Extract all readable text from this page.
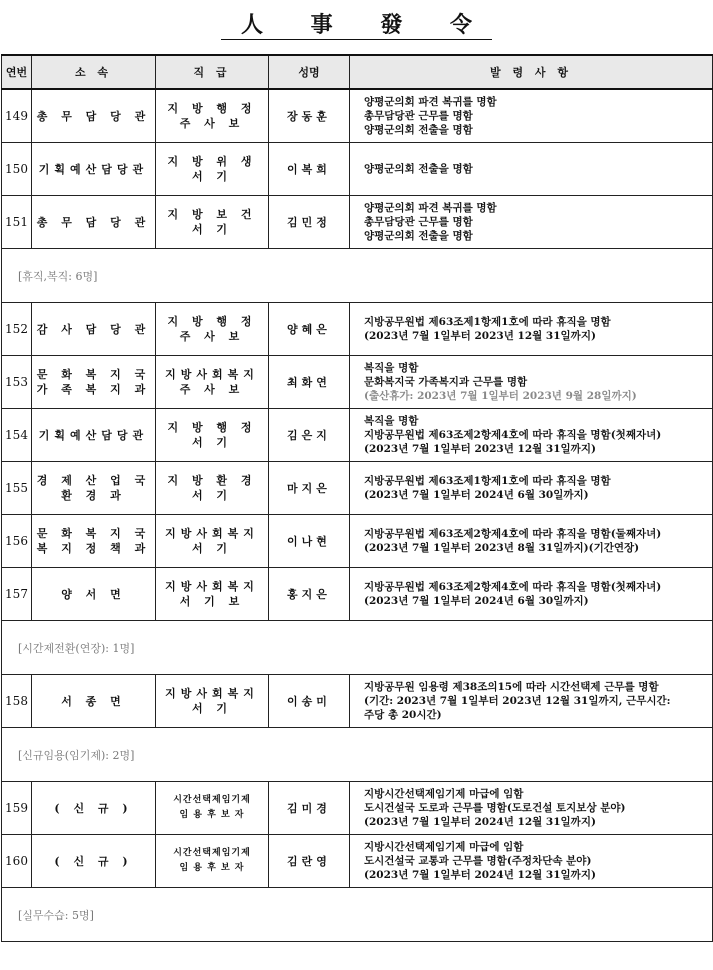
人 事 發 令
연번	소 속	직 급	성명	발 령 사 항
149	총 무 담 당 관	지 방 행 정
주 사 보	장동훈	양평군의회 파견 복귀를 명함
총무담당관 근무를 명함
양평군의회 전출을 명함

150	기획예산담당관	지 방 위 생
서 기	이복희	양평군의회 전출을 명함

151	총 무 담 당 관	지 방 보 건
서 기	김민정	양평군의회 파견 복귀를 명함
총무담당관 근무를 명함
양평군의회 전출을 명함

[휴직,복직: 6명]				
152	감 사 담 당 관	지 방 행 정
주 사 보	양혜은	지방공무원법 제63조제1항제1호에 따라 휴직을 명함
(2023년 7월 1일부터 2023년 12월 31일까지)

153	문 화 복 지 국
가 족 복 지 과	지방사회복지
주 사 보	최화연	복직을 명함
문화복지국 가족복지과 근무를 명함
(출산휴가: 2023년 7월 1일부터 2023년 9월 28일까지)

154	기획예산담당관	지 방 행 정
서 기	김은지	복직을 명함
지방공무원법 제63조제2항제4호에 따라 휴직을 명함(첫째자녀)
(2023년 7월 1일부터 2023년 12월 31일까지)

155	경 제 산 업 국
환 경 과	지 방 환 경
서 기	마지은	지방공무원법 제63조제1항제1호에 따라 휴직을 명함
(2023년 7월 1일부터 2024년 6월 30일까지)

156	문 화 복 지 국
복 지 정 책 과	지방사회복지
서 기	이나현	지방공무원법 제63조제2항제4호에 따라 휴직을 명함(둘째자녀)
(2023년 7월 1일부터 2023년 8월 31일까지)(기간연장)

157	양 서 면	지방사회복지
서 기 보	홍지은	지방공무원법 제63조제2항제4호에 따라 휴직을 명함(첫째자녀)
(2023년 7월 1일부터 2024년 6월 30일까지)

[시간제전환(연장): 1명]				
158	서 종 면	지방사회복지
서 기	이송미	지방공무원 임용령 제38조의15에 따라 시간선택제 근무를 명함
(기간: 2023년 7월 1일부터 2023년 12월 31일까지, 근무시간:
주당 총 20시간)

[신규임용(임기제): 2명]				
159	( 신 규 )	시간선택제임기제
임 용 후 보 자	김미경	지방시간선택제임기제 마급에 임함
도시건설국 도로과 근무를 명함(도로건설 토지보상 분야)
(2023년 7월 1일부터 2024년 12월 31일까지)

160	( 신 규 )	시간선택제임기제
임 용 후 보 자	김란영	지방시간선택제임기제 마급에 임함
도시건설국 교통과 근무를 명함(주정차단속 분야)
(2023년 7월 1일부터 2024년 12월 31일까지)

[실무수습: 5명]				
